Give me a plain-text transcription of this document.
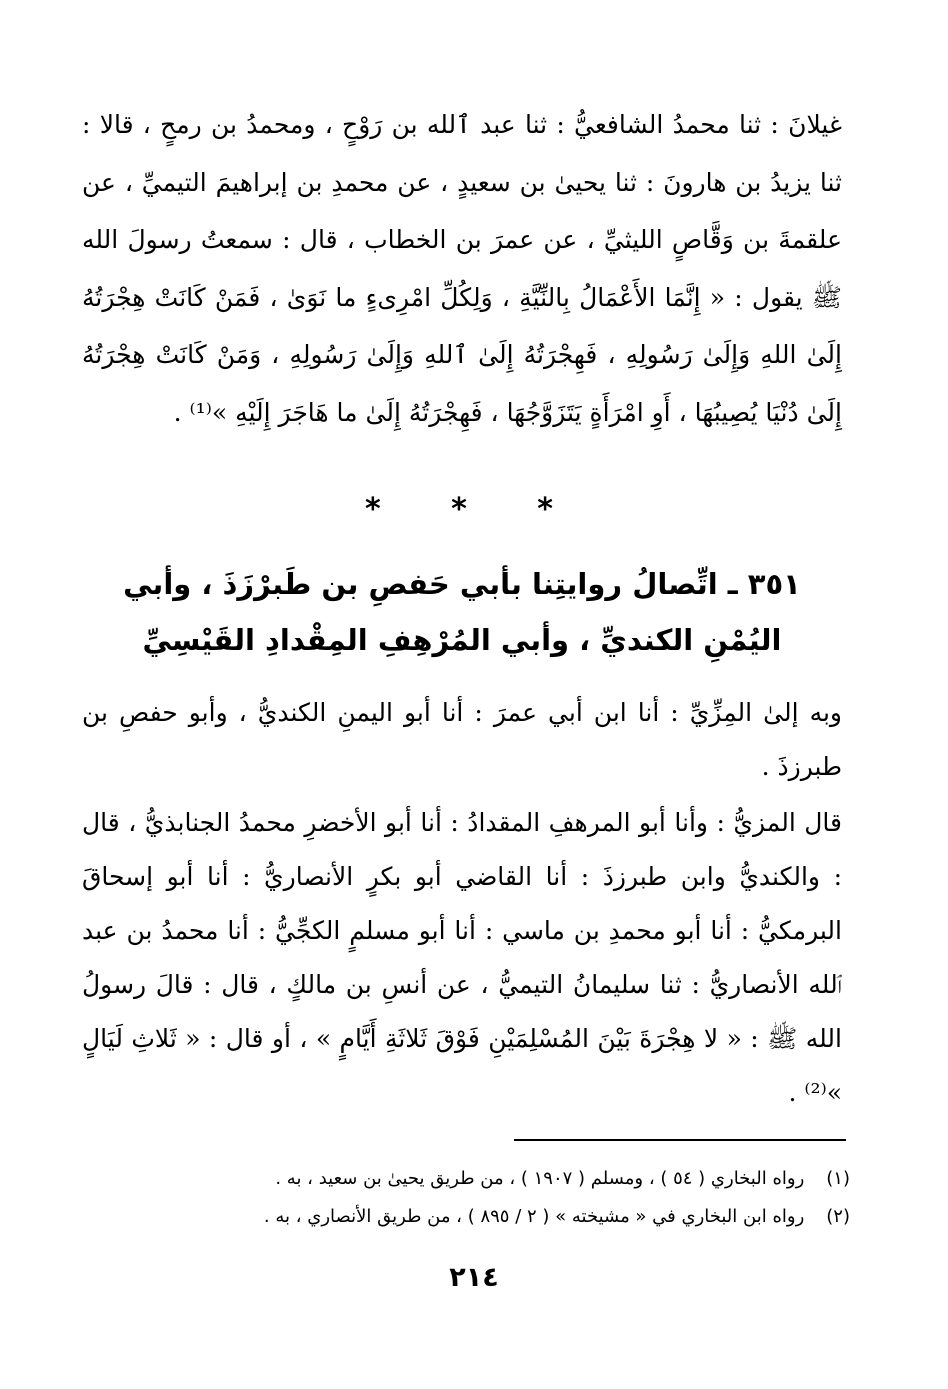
غيلانَ : ثنا محمدُ الشافعيُّ : ثنا عبد ٱلله بن رَوْحٍ ، ومحمدُ بن رمحٍ ، قالا : ثنا يزيدُ بن هارونَ : ثنا يحيىٰ بن سعيدٍ ، عن محمدِ بن إبراهيمَ التيميِّ ، عن علقمةَ بن وَقَّاصٍ الليثيِّ ، عن عمرَ بن الخطاب ، قال : سمعتُ رسولَ الله ﷺ يقول : « إِنَّمَا الأَعْمَالُ بِالنِّيَّةِ ، وَلِكُلِّ امْرِىءٍ ما نَوَىٰ ، فَمَنْ كَانَتْ هِجْرَتُهُ إِلَىٰ اللهِ وَإِلَىٰ رَسُولِهِ ، فَهِجْرَتُهُ إِلَىٰ ٱللهِ وَإِلَىٰ رَسُولِهِ ، وَمَنْ كَانَتْ هِجْرَتُهُ إِلَىٰ دُنْيَا يُصِيبُهَا ، أَوِ امْرَأَةٍ يَتَزَوَّجُهَا ، فَهِجْرَتُهُ إِلَىٰ ما هَاجَرَ إِلَيْهِ »⁽¹⁾ .
* * *
٣٥١ ـ اتِّصالُ روايتِنا بأبي حَفصِ بن طَبرْزَذَ ، وأبي اليُمْنِ الكنديِّ ، وأبي المُرْهِفِ المِقْدادِ القَيْسِيِّ
وبه إلىٰ المِزِّيِّ : أنا ابن أبي عمرَ : أنا أبو اليمنِ الكنديُّ ، وأبو حفصِ بن طبرزذَ .
قال المزيُّ : وأنا أبو المرهفِ المقدادُ : أنا أبو الأخضرِ محمدُ الجنابذيُّ ، قال : والكنديُّ وابن طبرزذَ : أنا القاضي أبو بكرٍ الأنصاريُّ : أنا أبو إسحاقَ البرمكيُّ : أنا أبو محمدِ بن ماسي : أنا أبو مسلمٍ الكجِّيُّ : أنا محمدُ بن عبد ٱلله الأنصاريُّ : ثنا سليمانُ التيميُّ ، عن أنسِ بن مالكٍ ، قال : قالَ رسولُ الله ﷺ : « لا هِجْرَةَ بَيْنَ المُسْلِمَيْنِ فَوْقَ ثَلاثَةِ أَيَّامٍ » ، أو قال : « ثَلاثِ لَيَالٍ »⁽²⁾ .
(١) رواه البخاري ( ٥٤ ) ، ومسلم ( ١٩٠٧ ) ، من طريق يحيىٰ بن سعيد ، به .
(٢) رواه ابن البخاري في « مشيخته » ( ٢ / ٨٩٥ ) ، من طريق الأنصاري ، به .
٢١٤
